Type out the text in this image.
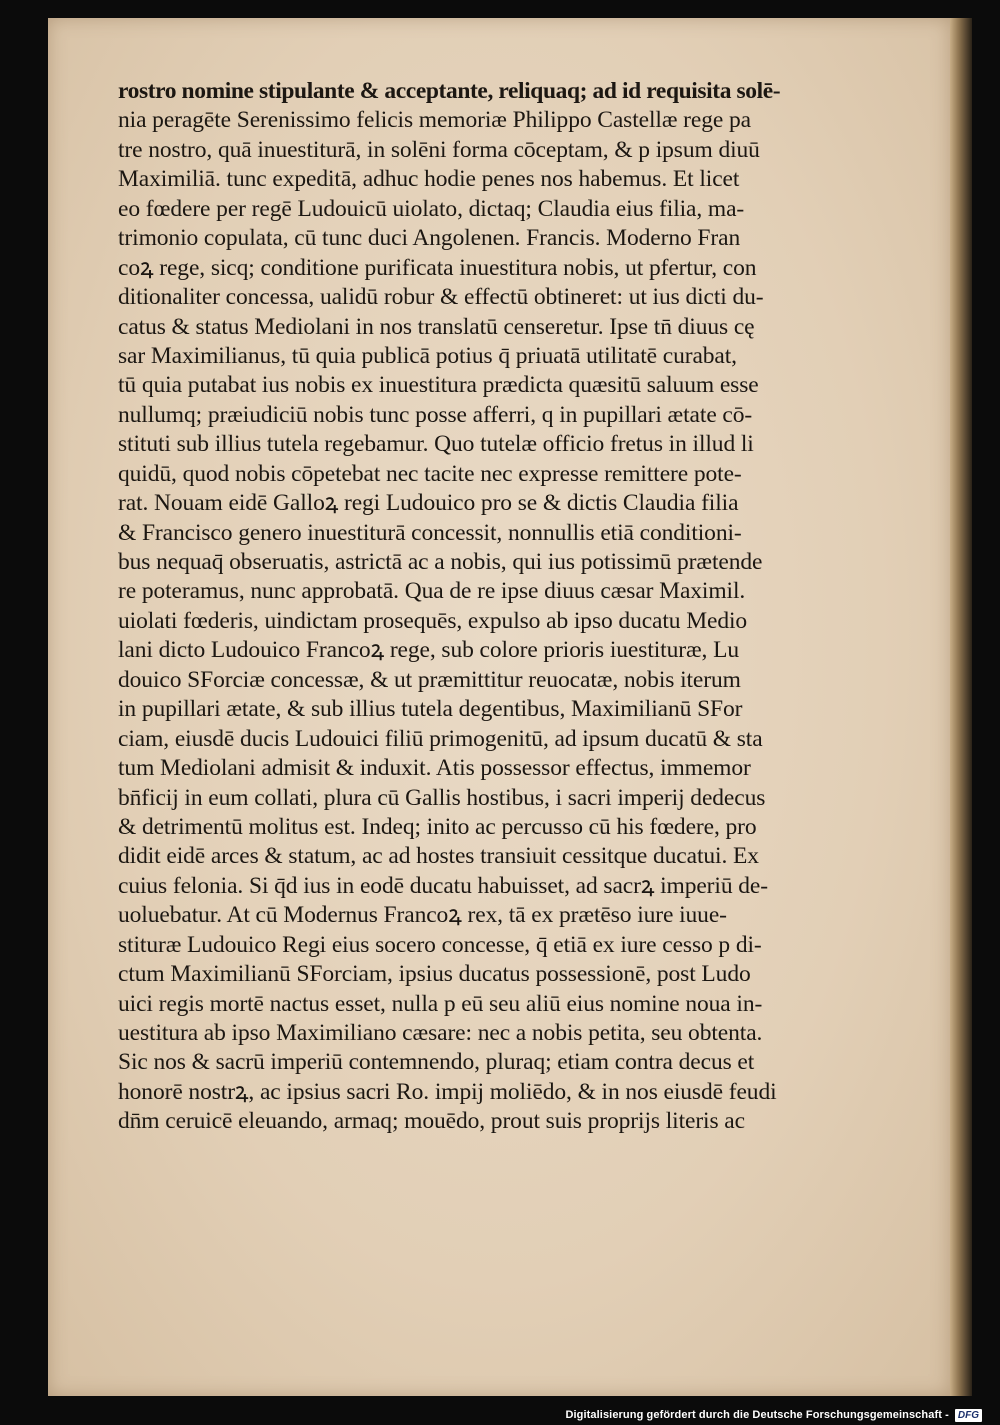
rostro nomine stipulante & acceptante, reliquaq; ad id requisita solē-
nia peragēte Serenissimo felicis memoriæ Philippo Castellæ rege pa
tre nostro, quā inuestiturā, in solēni forma cōceptam, & p ipsum diuū
Maximiliā. tunc expeditā, adhuc hodie penes nos habemus. Et licet
eo fœdere per regē Ludouicū uiolato, dictaq; Claudia eius filia, ma-
trimonio copulata, cū tunc duci Angolenen. Francis. Moderno Fran
coꝝ rege, sicq; conditione purificata inuestitura nobis, ut pfertur, con
ditionaliter concessa, ualidū robur & effectū obtineret: ut ius dicti du-
catus & status Mediolani in nos translatū censeretur. Ipse tn̄ diuus cę
sar Maximilianus, tū quia publicā potius q̄ priuatā utilitatē curabat,
tū quia putabat ius nobis ex inuestitura prædicta quæsitū saluum esse
nullumq; præiudiciū nobis tunc posse afferri, q in pupillari ætate cō-
stituti sub illius tutela regebamur. Quo tutelæ officio fretus in illud li
quidū, quod nobis cōpetebat nec tacite nec expresse remittere pote-
rat. Nouam eidē Galloꝝ regi Ludouico pro se & dictis Claudia filia
& Francisco genero inuestiturā concessit, nonnullis etiā conditioni-
bus nequaq̄ obseruatis, astrictā ac a nobis, qui ius potissimū prætende
re poteramus, nunc approbatā. Qua de re ipse diuus cæsar Maximil.
uiolati fœderis, uindictam prosequēs, expulso ab ipso ducatu Medio
lani dicto Ludouico Francoꝝ rege, sub colore prioris iuestituræ, Lu
douico SForciæ concessæ, & ut præmittitur reuocatæ, nobis iterum
in pupillari ætate, & sub illius tutela degentibus, Maximilianū SFor
ciam, eiusdē ducis Ludouici filiū primogenitū, ad ipsum ducatū & sta
tum Mediolani admisit & induxit. Atis possessor effectus, immemor
bn̄ficij in eum collati, plura cū Gallis hostibus, i sacri imperij dedecus
& detrimentū molitus est. Indeq; inito ac percusso cū his fœdere, pro
didit eidē arces & statum, ac ad hostes transiuit cessitque ducatui. Ex
cuius felonia. Si q̄d ius in eodē ducatu habuisset, ad sacrꝝ imperiū de-
uoluebatur. At cū Modernus Francoꝝ rex, tā ex prætēso iure iuue-
stituræ Ludouico Regi eius socero concesse, q̄ etiā ex iure cesso p di-
ctum Maximilianū SForciam, ipsius ducatus possessionē, post Ludo
uici regis mortē nactus esset, nulla p eū seu aliū eius nomine noua in-
uestitura ab ipso Maximiliano cæsare: nec a nobis petita, seu obtenta.
Sic nos & sacrū imperiū contemnendo, pluraq; etiam contra decus et
honorē nostrꝝ, ac ipsius sacri Ro. impij moliēdo, & in nos eiusdē feudi
dn̄m ceruicē eleuando, armaq; mouēdo, prout suis proprijs literis ac
Digitalisierung gefördert durch die Deutsche Forschungsgemeinschaft - DFG
